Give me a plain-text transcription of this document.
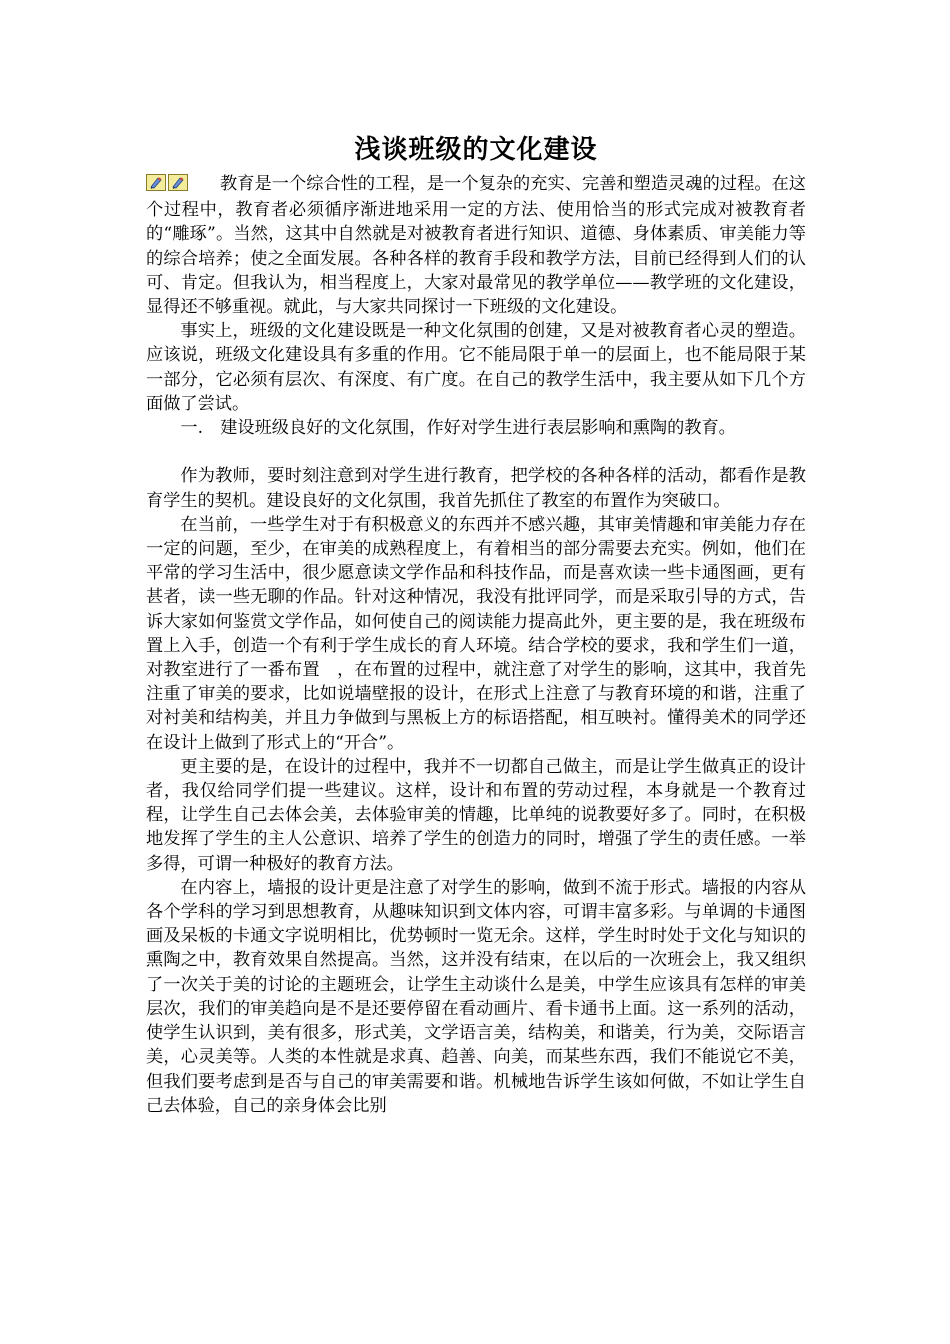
浅谈班级的文化建设

教育是一个综合性的工程，是一个复杂的充实、完善和塑造灵魂的过程。在这个过程中，教育者必须循序渐进地采用一定的方法、使用恰当的形式完成对被教育者的“雕琢”。当然，这其中自然就是对被教育者进行知识、道德、身体素质、审美能力等的综合培养；使之全面发展。各种各样的教育手段和教学方法，目前已经得到人们的认可、肯定。但我认为，相当程度上，大家对最常见的教学单位——教学班的文化建设，显得还不够重视。就此，与大家共同探讨一下班级的文化建设。

事实上，班级的文化建设既是一种文化氛围的创建，又是对被教育者心灵的塑造。应该说，班级文化建设具有多重的作用。它不能局限于单一的层面上，也不能局限于某一部分，它必须有层次、有深度、有广度。在自己的教学生活中，我主要从如下几个方面做了尝试。

一.　建设班级良好的文化氛围，作好对学生进行表层影响和熏陶的教育。

作为教师，要时刻注意到对学生进行教育，把学校的各种各样的活动，都看作是教育学生的契机。建设良好的文化氛围，我首先抓住了教室的布置作为突破口。

在当前，一些学生对于有积极意义的东西并不感兴趣，其审美情趣和审美能力存在一定的问题，至少，在审美的成熟程度上，有着相当的部分需要去充实。例如，他们在平常的学习生活中，很少愿意读文学作品和科技作品，而是喜欢读一些卡通图画，更有甚者，读一些无聊的作品。针对这种情况，我没有批评同学，而是采取引导的方式，告诉大家如何鉴赏文学作品，如何使自己的阅读能力提高此外，更主要的是，我在班级布置上入手，创造一个有利于学生成长的育人环境。结合学校的要求，我和学生们一道，对教室进行了一番布置　，在布置的过程中，就注意了对学生的影响，这其中，我首先注重了审美的要求，比如说墙壁报的设计，在形式上注意了与教育环境的和谐，注重了对衬美和结构美，并且力争做到与黑板上方的标语搭配，相互映衬。懂得美术的同学还在设计上做到了形式上的“开合”。

更主要的是，在设计的过程中，我并不一切都自己做主，而是让学生做真正的设计者，我仅给同学们提一些建议。这样，设计和布置的劳动过程，本身就是一个教育过程，让学生自己去体会美，去体验审美的情趣，比单纯的说教要好多了。同时，在积极地发挥了学生的主人公意识、培养了学生的创造力的同时，增强了学生的责任感。一举多得，可谓一种极好的教育方法。

在内容上，墙报的设计更是注意了对学生的影响，做到不流于形式。墙报的内容从各个学科的学习到思想教育，从趣味知识到文体内容，可谓丰富多彩。与单调的卡通图画及呆板的卡通文字说明相比，优势顿时一览无余。这样，学生时时处于文化与知识的熏陶之中，教育效果自然提高。当然，这并没有结束，在以后的一次班会上，我又组织了一次关于美的讨论的主题班会，让学生主动谈什么是美，中学生应该具有怎样的审美层次，我们的审美趋向是不是还要停留在看动画片、看卡通书上面。这一系列的活动，使学生认识到，美有很多，形式美，文学语言美，结构美，和谐美，行为美，交际语言美，心灵美等。人类的本性就是求真、趋善、向美，而某些东西，我们不能说它不美，但我们要考虑到是否与自己的审美需要和谐。机械地告诉学生该如何做，不如让学生自己去体验，自己的亲身体会比别
